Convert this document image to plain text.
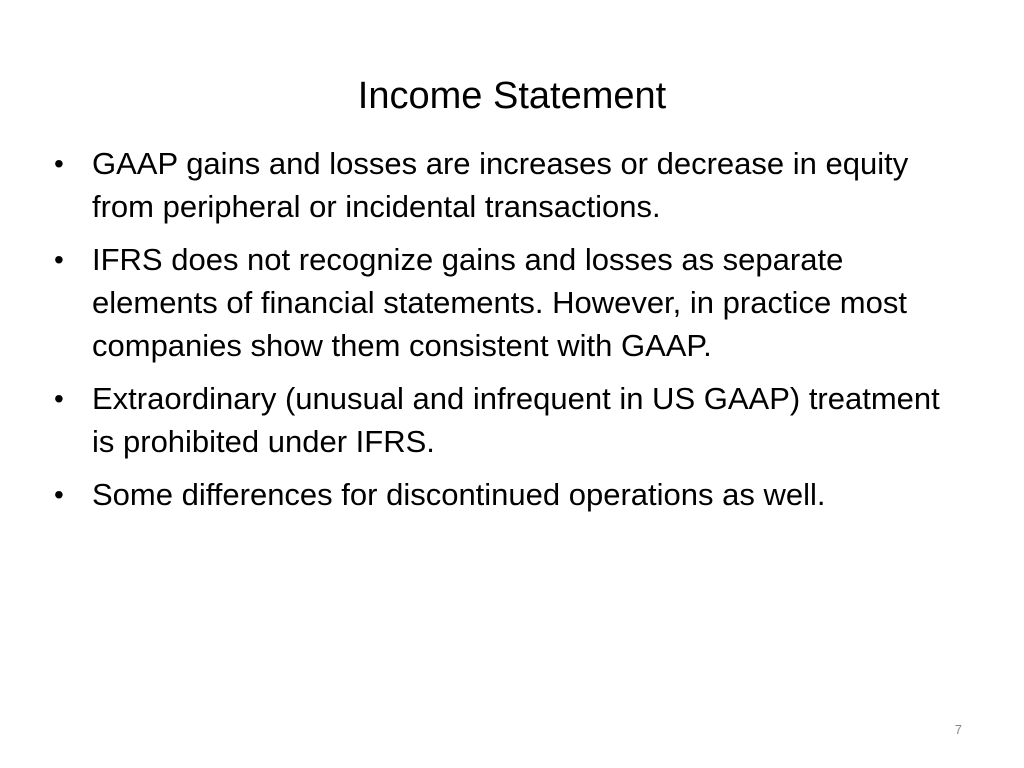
Income Statement
• GAAP gains and losses are increases or decrease in equity from peripheral or incidental transactions.
• IFRS does not recognize gains and losses as separate elements of financial statements. However, in practice most companies show them consistent with GAAP.
• Extraordinary (unusual and infrequent in US GAAP) treatment is prohibited under IFRS.
• Some differences for discontinued operations as well.
7
